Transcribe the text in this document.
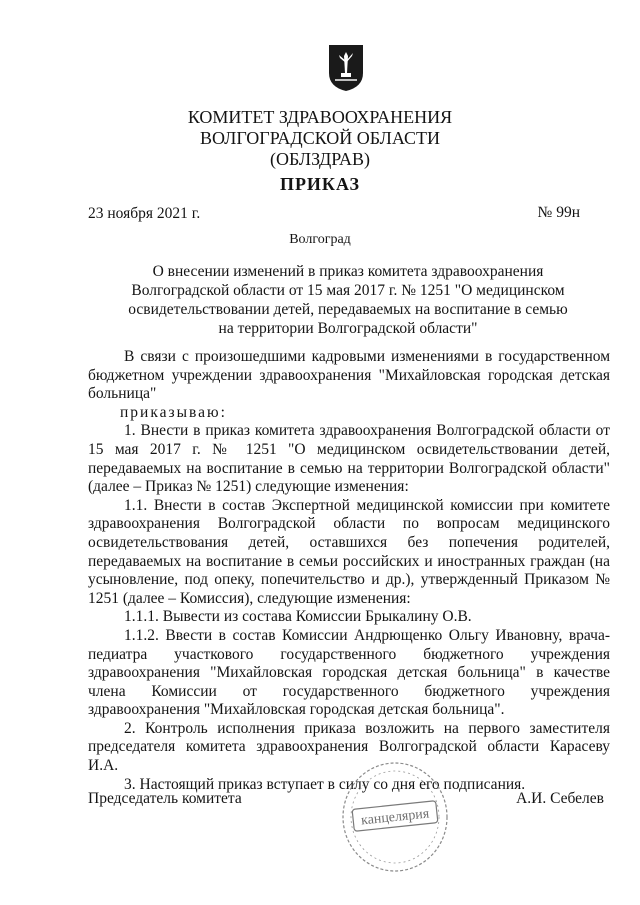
КОМИТЕТ ЗДРАВООХРАНЕНИЯ
ВОЛГОГРАДСКОЙ ОБЛАСТИ
(ОБЛЗДРАВ)
ПРИКАЗ
23 ноября 2021 г.	№ 99н
Волгоград
О внесении изменений в приказ комитета здравоохранения
Волгоградской области от 15 мая 2017 г. № 1251 "О медицинском
освидетельствовании детей, передаваемых на воспитание в семью
на территории Волгоградской области"

В связи с произошедшими кадровыми изменениями в государственном бюджетном учреждении здравоохранения "Михайловская городская детская больница"

приказываю:

1. Внести в приказ комитета здравоохранения Волгоградской области от 15 мая 2017 г. № 1251 "О медицинском освидетельствовании детей, передаваемых на воспитание в семью на территории Волгоградской области" (далее – Приказ № 1251) следующие изменения:

1.1. Внести в состав Экспертной медицинской комиссии при комитете здравоохранения Волгоградской области по вопросам медицинского освидетельствования детей, оставшихся без попечения родителей, передаваемых на воспитание в семьи российских и иностранных граждан (на усыновление, под опеку, попечительство и др.), утвержденный Приказом № 1251 (далее – Комиссия), следующие изменения:

1.1.1. Вывести из состава Комиссии Брыкалину О.В.

1.1.2. Ввести в состав Комиссии Андрющенко Ольгу Ивановну, врача-педиатра участкового государственного бюджетного учреждения здравоохранения "Михайловская городская детская больница" в качестве члена Комиссии от государственного бюджетного учреждения здравоохранения "Михайловская городская детская больница".

2. Контроль исполнения приказа возложить на первого заместителя председателя комитета здравоохранения Волгоградской области Карасеву И.А.

3. Настоящий приказ вступает в силу со дня его подписания.

Председатель комитета	А.И. Себелев
канцелярия
